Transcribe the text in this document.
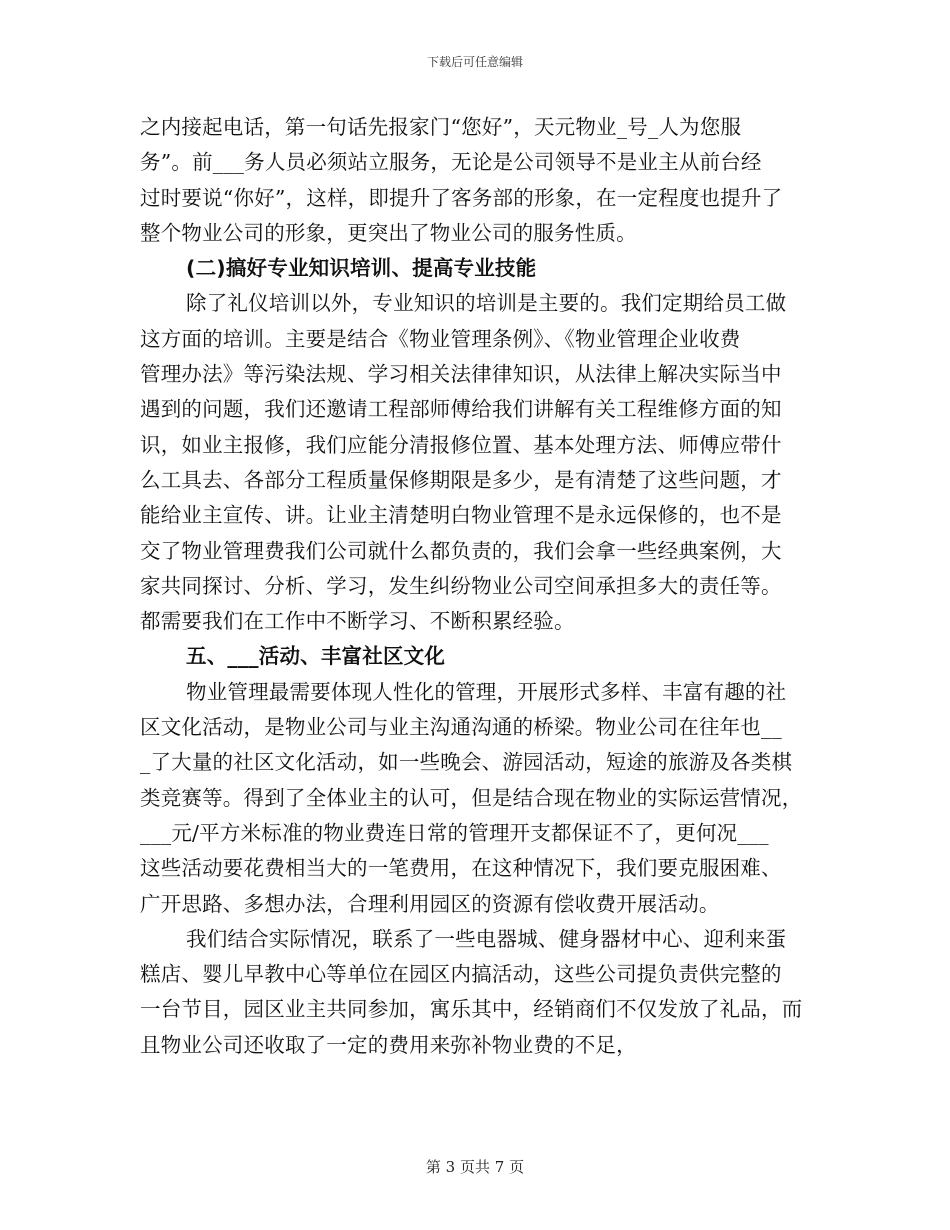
下载后可任意编辑
之内接起电话，第一句话先报家门“您好”，天元物业_号_人为您服
务”。前___务人员必须站立服务，无论是公司领导不是业主从前台经
过时要说“你好”，这样，即提升了客务部的形象，在一定程度也提升了
整个物业公司的形象，更突出了物业公司的服务性质。
(二)搞好专业知识培训、提高专业技能
除了礼仪培训以外，专业知识的培训是主要的。我们定期给员工做
这方面的培训。主要是结合《物业管理条例》、《物业管理企业收费
管理办法》等污染法规、学习相关法律律知识，从法律上解决实际当中
遇到的问题，我们还邀请工程部师傅给我们讲解有关工程维修方面的知
识，如业主报修，我们应能分清报修位置、基本处理方法、师傅应带什
么工具去、各部分工程质量保修期限是多少，是有清楚了这些问题，才
能给业主宣传、讲。让业主清楚明白物业管理不是永远保修的，也不是
交了物业管理费我们公司就什么都负责的，我们会拿一些经典案例，大
家共同探讨、分析、学习，发生纠纷物业公司空间承担多大的责任等。
都需要我们在工作中不断学习、不断积累经验。
五、___活动、丰富社区文化
物业管理最需要体现人性化的管理，开展形式多样、丰富有趣的社
区文化活动，是物业公司与业主沟通沟通的桥梁。物业公司在往年也__
_了大量的社区文化活动，如一些晚会、游园活动，短途的旅游及各类棋
类竞赛等。得到了全体业主的认可，但是结合现在物业的实际运营情况，
___元/平方米标准的物业费连日常的管理开支都保证不了，更何况___
这些活动要花费相当大的一笔费用，在这种情况下，我们要克服困难、
广开思路、多想办法，合理利用园区的资源有偿收费开展活动。
我们结合实际情况，联系了一些电器城、健身器材中心、迎利来蛋
糕店、婴儿早教中心等单位在园区内搞活动，这些公司提负责供完整的
一台节目，园区业主共同参加，寓乐其中，经销商们不仅发放了礼品，而
且物业公司还收取了一定的费用来弥补物业费的不足，
第 3 页共 7 页
